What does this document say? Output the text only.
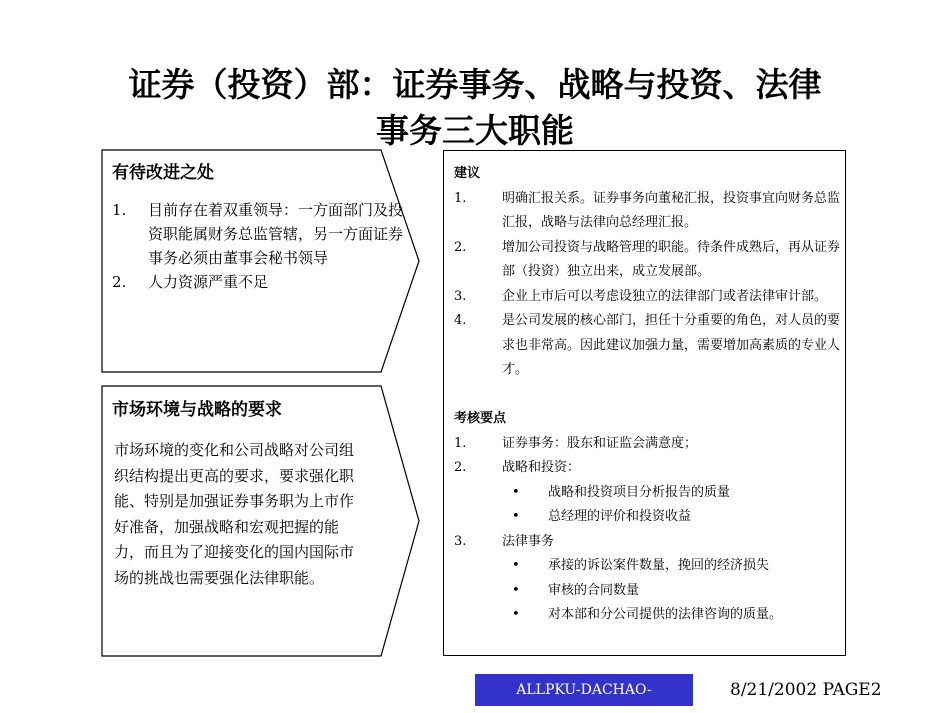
证券（投资）部：证券事务、战略与投资、法律
事务三大职能
有待改进之处
1. 目前存在着双重领导：一方面部门及投资职能属财务总监管辖，另一方面证券事务必须由董事会秘书领导
2. 人力资源严重不足
市场环境与战略的要求
市场环境的变化和公司战略对公司组织结构提出更高的要求，要求强化职能、特别是加强证券事务职为上市作好准备，加强战略和宏观把握的能力，而且为了迎接变化的国内国际市场的挑战也需要强化法律职能。
建议
1.	明确汇报关系。证券事务向董秘汇报，投资事宜向财务总监汇报，战略与法律向总经理汇报。
2.	增加公司投资与战略管理的职能。待条件成熟后，再从证券部（投资）独立出来，成立发展部。
3.	企业上市后可以考虑设独立的法律部门或者法律审计部。
4.	是公司发展的核心部门，担任十分重要的角色，对人员的要求也非常高。因此建议加强力量，需要增加高素质的专业人才。
考核要点
1.	证券事务：股东和证监会满意度；
2.	战略和投资：
• 战略和投资项目分析报告的质量
• 总经理的评价和投资收益
3.	法律事务
• 承接的诉讼案件数量，挽回的经济损失
• 审核的合同数量
• 对本部和分公司提供的法律咨询的质量。
ALLPKU-DACHAO-	8/21/2002 PAGE2
